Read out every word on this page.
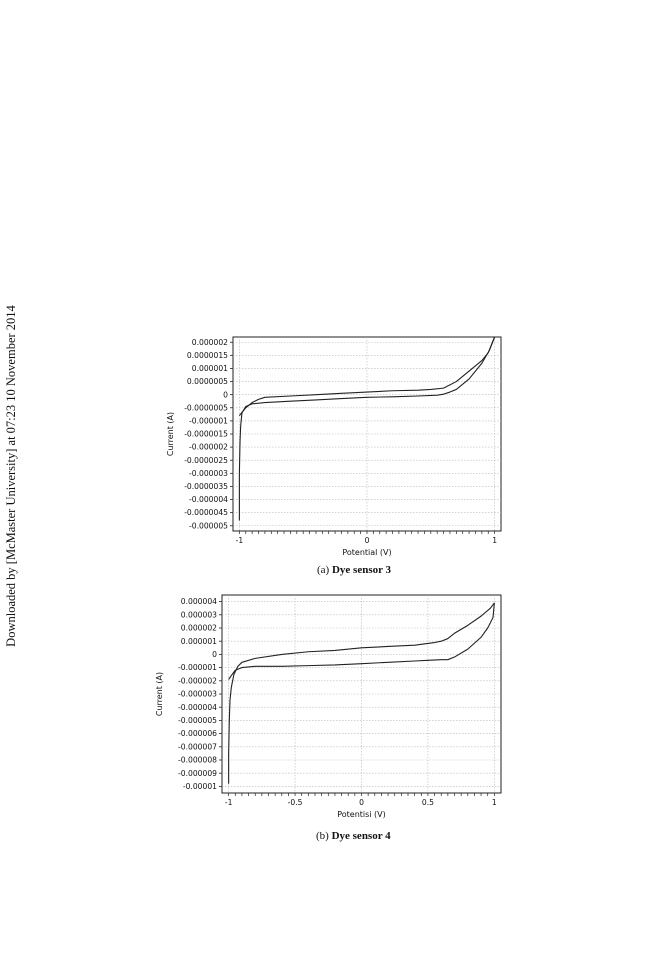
Downloaded by [McMaster University] at 07:23 10 November 2014	0.000002
0.0000015
0.000001
0.0000005
0
-0.0000005
-0.000001
-0.0000015
-0.000002
-0.0000025
-0.000003
-0.0000035
-0.000004
-0.0000045
-0.000005
-1	0	1
Potential (V)
Current (A)
0.000004
0.000003
0.000002
0.000001
0
-0.000001
-0.000002
-0.000003
-0.000004
-0.000005
-0.000006
-0.000007
-0.000008
-0.000009
-0.00001
-1	-0.5	0	0.5	1
Potentisi (V)
Current (A)
(a) Dye sensor 3
(b) Dye sensor 4
